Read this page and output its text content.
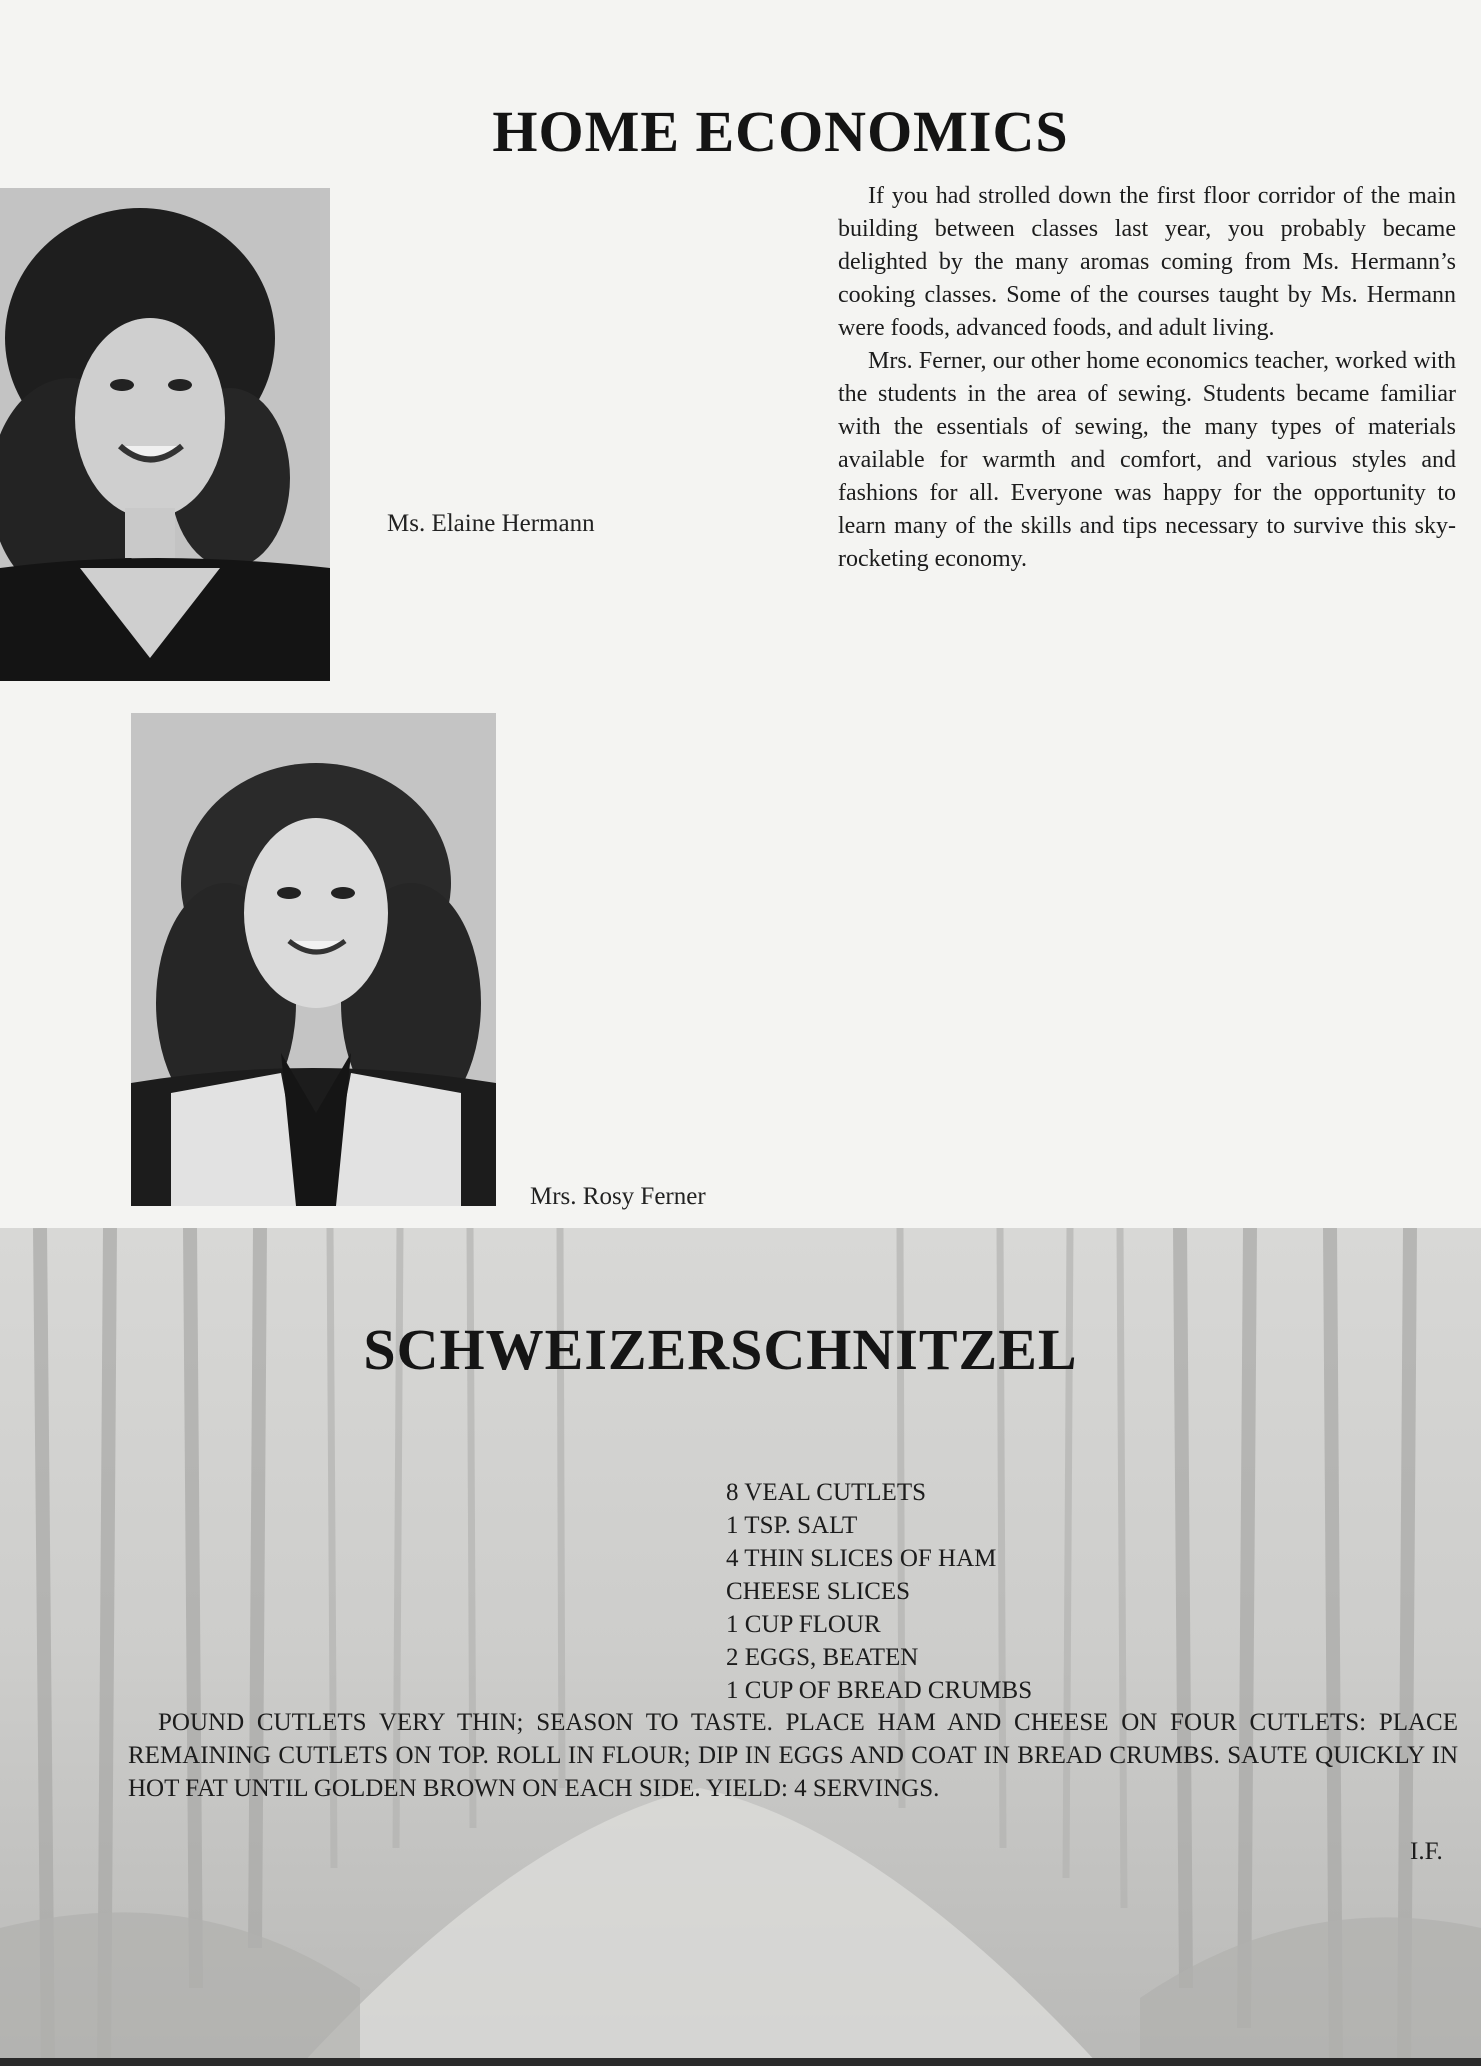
HOME ECONOMICS
Ms. Elaine Hermann
Mrs. Rosy Ferner

If you had strolled down the first floor corridor of the main building between classes last year, you probably became delighted by the many aromas coming from Ms. Hermann’s cooking classes. Some of the courses taught by Ms. Hermann were foods, advanced foods, and adult living.

Mrs. Ferner, our other home economics teacher, worked with the students in the area of sewing. Students became familiar with the essentials of sewing, the many types of materials available for warmth and comfort, and various styles and fashions for all. Everyone was happy for the opportunity to learn many of the skills and tips necessary to survive this sky-rocketing economy.

SCHWEIZERSCHNITZEL
8 VEAL CUTLETS
1 TSP. SALT
4 THIN SLICES OF HAM
CHEESE SLICES
1 CUP FLOUR
2 EGGS, BEATEN
1 CUP OF BREAD CRUMBS
POUND CUTLETS VERY THIN; SEASON TO TASTE. PLACE HAM AND CHEESE ON FOUR CUTLETS: PLACE REMAINING CUTLETS ON TOP. ROLL IN FLOUR; DIP IN EGGS AND COAT IN BREAD CRUMBS. SAUTE QUICKLY IN HOT FAT UNTIL GOLDEN BROWN ON EACH SIDE. YIELD: 4 SERVINGS.
I.F.
